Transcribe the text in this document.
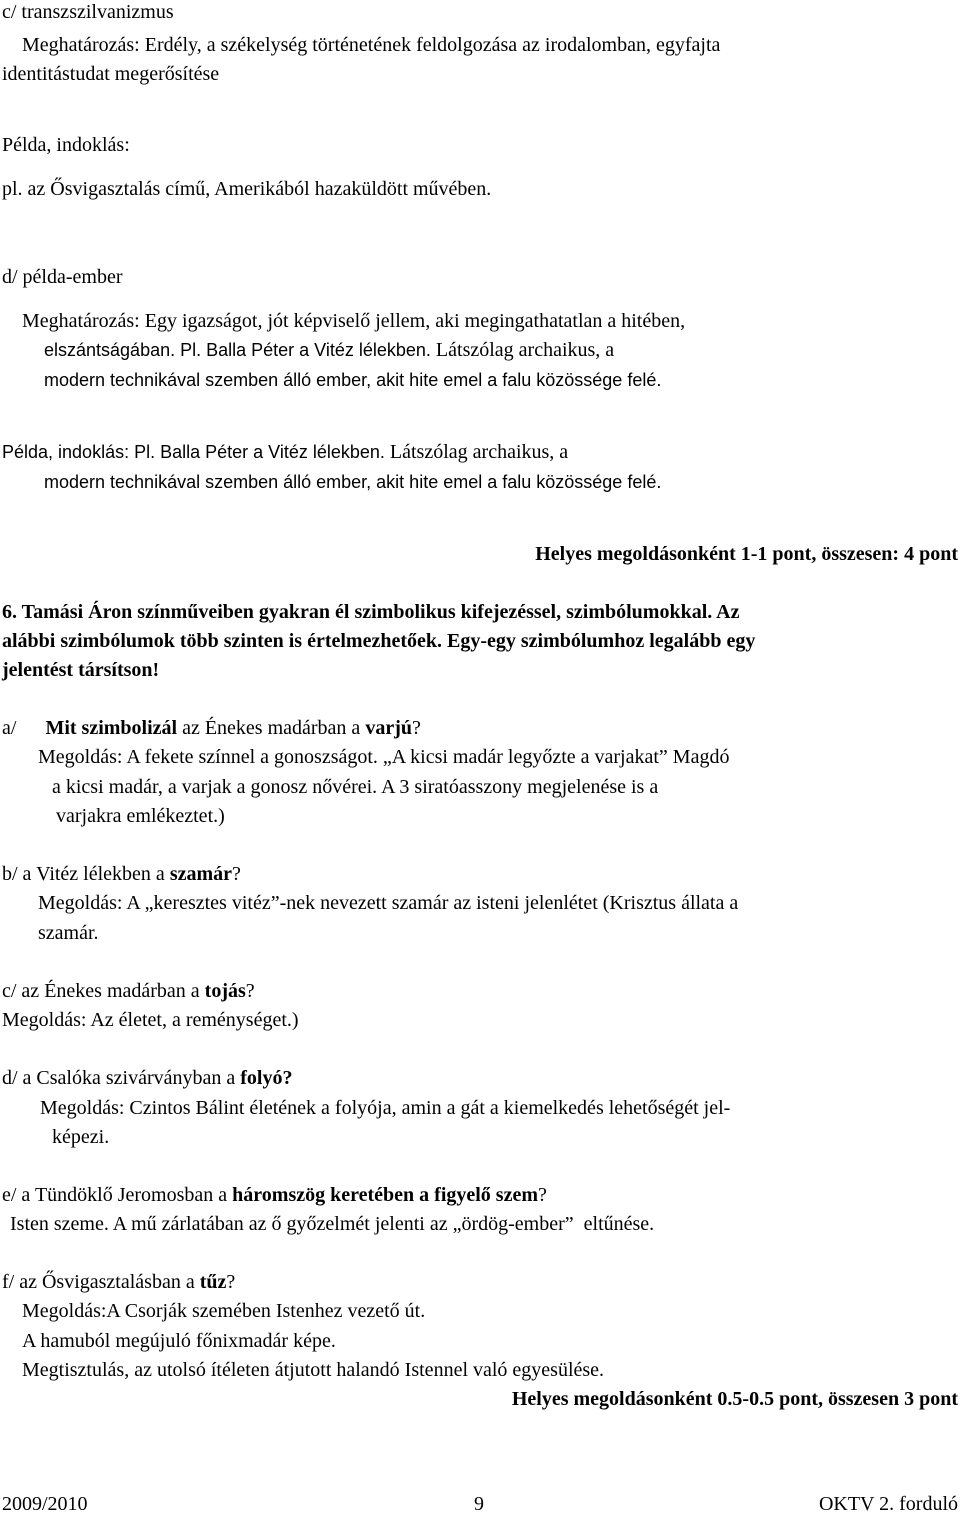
c/ transzszilvanizmus
Meghatározás: Erdély, a székelység történetének feldolgozása az irodalomban, egyfajta
identitástudat megerősítése
Példa, indoklás:
pl. az Ősvigasztalás című, Amerikából hazaküldött művében.
d/ példa-ember
Meghatározás: Egy igazságot, jót képviselő jellem, aki megingathatatlan a hitében,
elszántságában. Pl. Balla Péter a Vitéz lélekben. Látszólag archaikus, a
modern technikával szemben álló ember, akit hite emel a falu közössége felé.
Példa, indoklás: Pl. Balla Péter a Vitéz lélekben. Látszólag archaikus, a
modern technikával szemben álló ember, akit hite emel a falu közössége felé.
Helyes megoldásonként 1-1 pont, összesen: 4 pont
6. Tamási Áron színműveiben gyakran él szimbolikus kifejezéssel, szimbólumokkal. Az
alábbi szimbólumok több szinten is értelmezhetőek. Egy-egy szimbólumhoz legalább egy
jelentést társítson!
a/ Mit szimbolizál az Énekes madárban a varjú?
Megoldás: A fekete színnel a gonoszságot. „A kicsi madár legyőzte a varjakat” Magdó
a kicsi madár, a varjak a gonosz nővérei. A 3 siratóasszony megjelenése is a
varjakra emlékeztet.)
b/ a Vitéz lélekben a szamár?
Megoldás: A „keresztes vitéz”-nek nevezett szamár az isteni jelenlétet (Krisztus állata a
szamár.
c/ az Énekes madárban a tojás?
Megoldás: Az életet, a reménységet.)
d/ a Csalóka szivárványban a folyó?
Megoldás: Czintos Bálint életének a folyója, amin a gát a kiemelkedés lehetőségét jel-
képezi.
e/ a Tündöklő Jeromosban a háromszög keretében a figyelő szem?
Isten szeme. A mű zárlatában az ő győzelmét jelenti az „ördög-ember”  eltűnése.
f/ az Ősvigasztalásban a tűz?
Megoldás:A Csorják szemében Istenhez vezető út.
A hamuból megújuló főnixmadár képe.
Megtisztulás, az utolsó ítéleten átjutott halandó Istennel való egyesülése.
Helyes megoldásonként 0.5-0.5 pont, összesen 3 pont
2009/2010	9	OKTV 2. forduló
